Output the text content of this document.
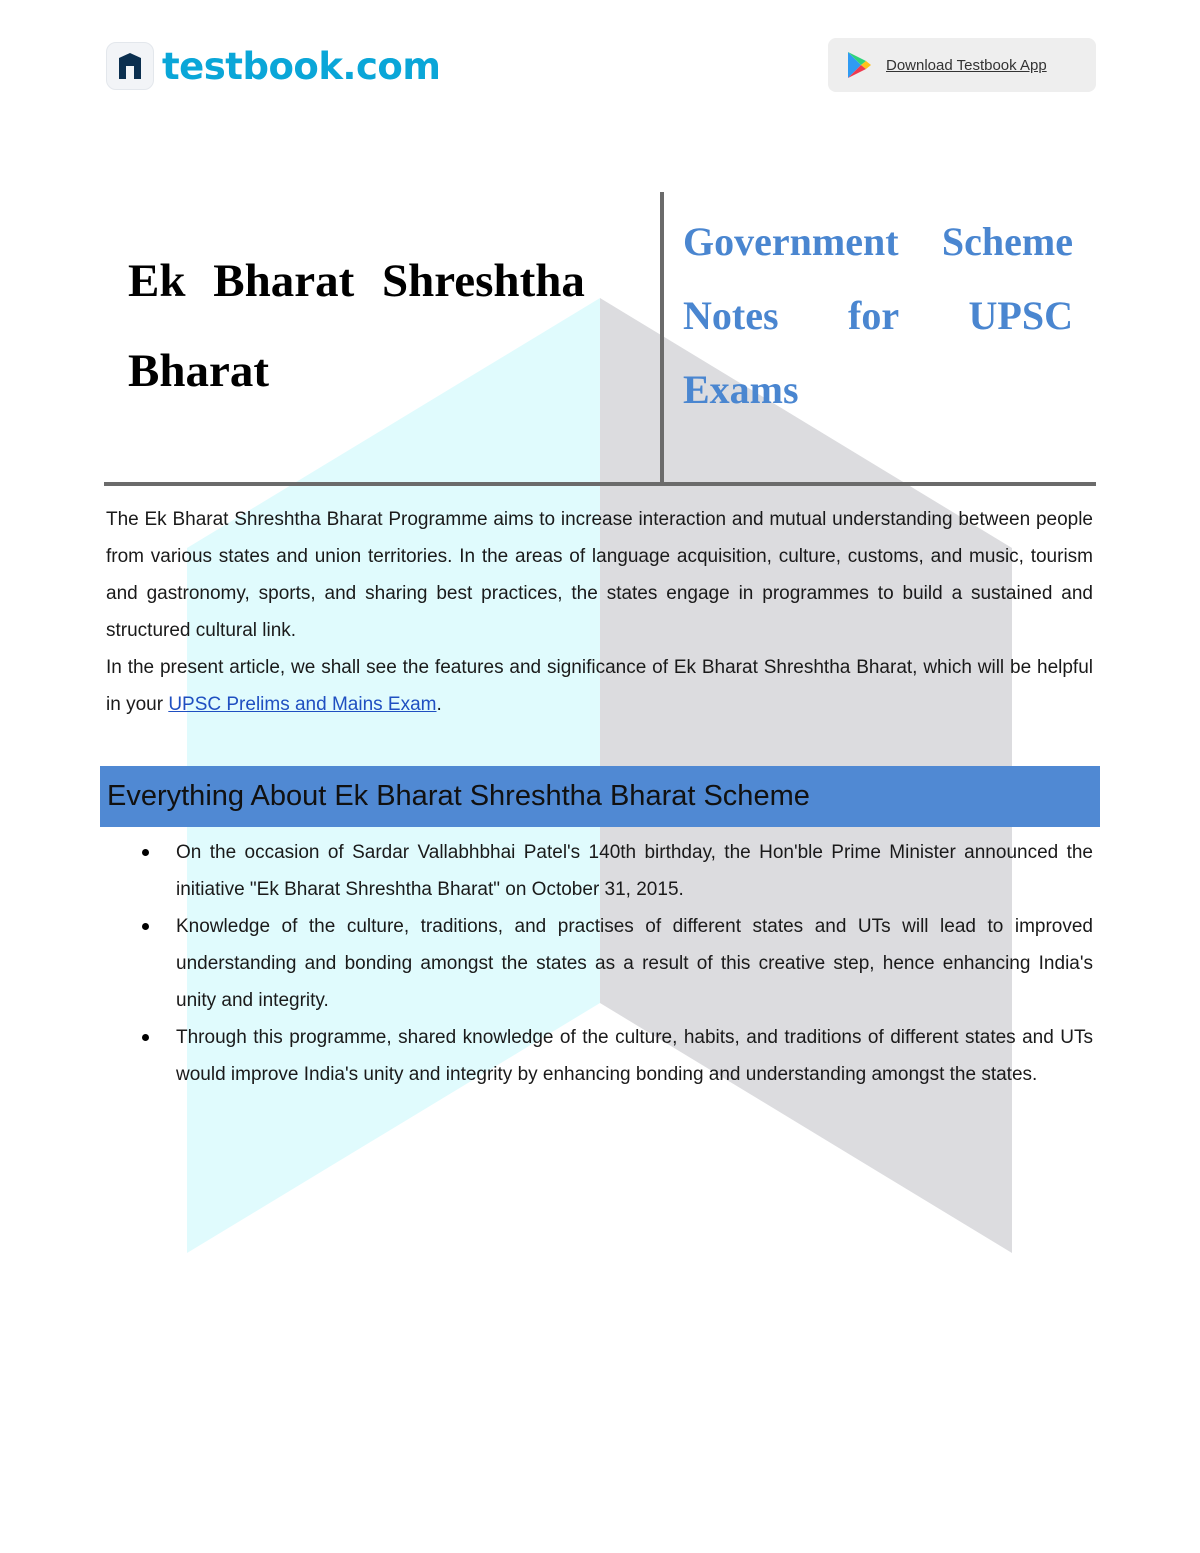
testbook.com	Download Testbook App
Ek Bharat Shreshtha
Bharat
Government Scheme
Notes for UPSC
Exams

The Ek Bharat Shreshtha Bharat Programme aims to increase interaction and mutual understanding between people from various states and union territories. In the areas of language acquisition, culture, customs, and music, tourism and gastronomy, sports, and sharing best practices, the states engage in programmes to build a sustained and structured cultural link.

In the present article, we shall see the features and significance of Ek Bharat Shreshtha Bharat, which will be helpful in your UPSC Prelims and Mains Exam.

Everything About Ek Bharat Shreshtha Bharat Scheme
On the occasion of Sardar Vallabhbhai Patel's 140th birthday, the Hon'ble Prime Minister announced the initiative "Ek Bharat Shreshtha Bharat" on October 31, 2015.
Knowledge of the culture, traditions, and practises of different states and UTs will lead to improved understanding and bonding amongst the states as a result of this creative step, hence enhancing India's unity and integrity.
Through this programme, shared knowledge of the culture, habits, and traditions of different states and UTs would improve India's unity and integrity by enhancing bonding and understanding amongst the states.
